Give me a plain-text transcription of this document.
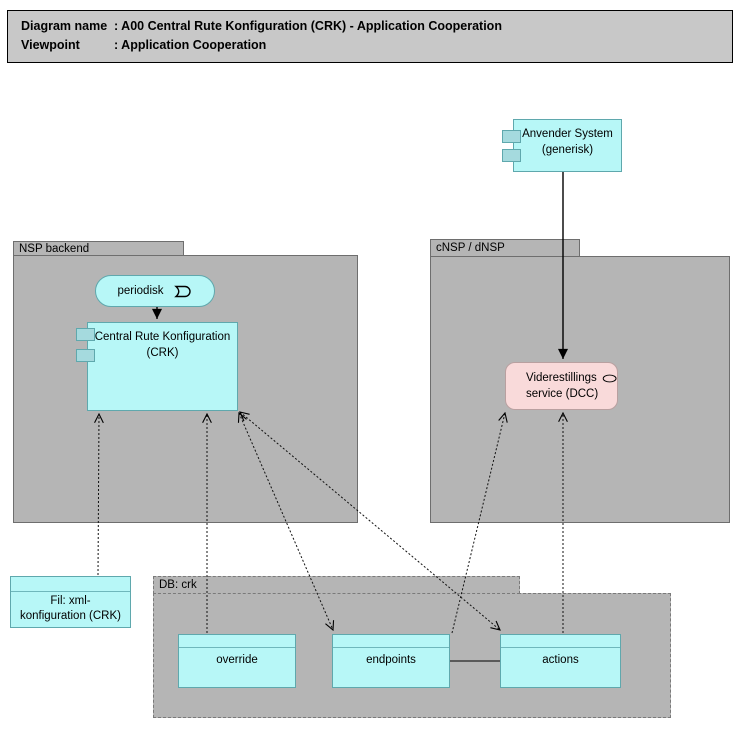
Diagram name : A00 Central Rute Konfiguration (CRK) - Application Cooperation
Viewpoint	: Application Cooperation
NSP backend	cNSP / dNSP
DB: crk
Anvender System
(generisk)
periodisk
Central Rute Konfiguration
(CRK)
Viderestillings
service (DCC)
Fil: xml-
konfiguration (CRK)
override	endpoints	actions
